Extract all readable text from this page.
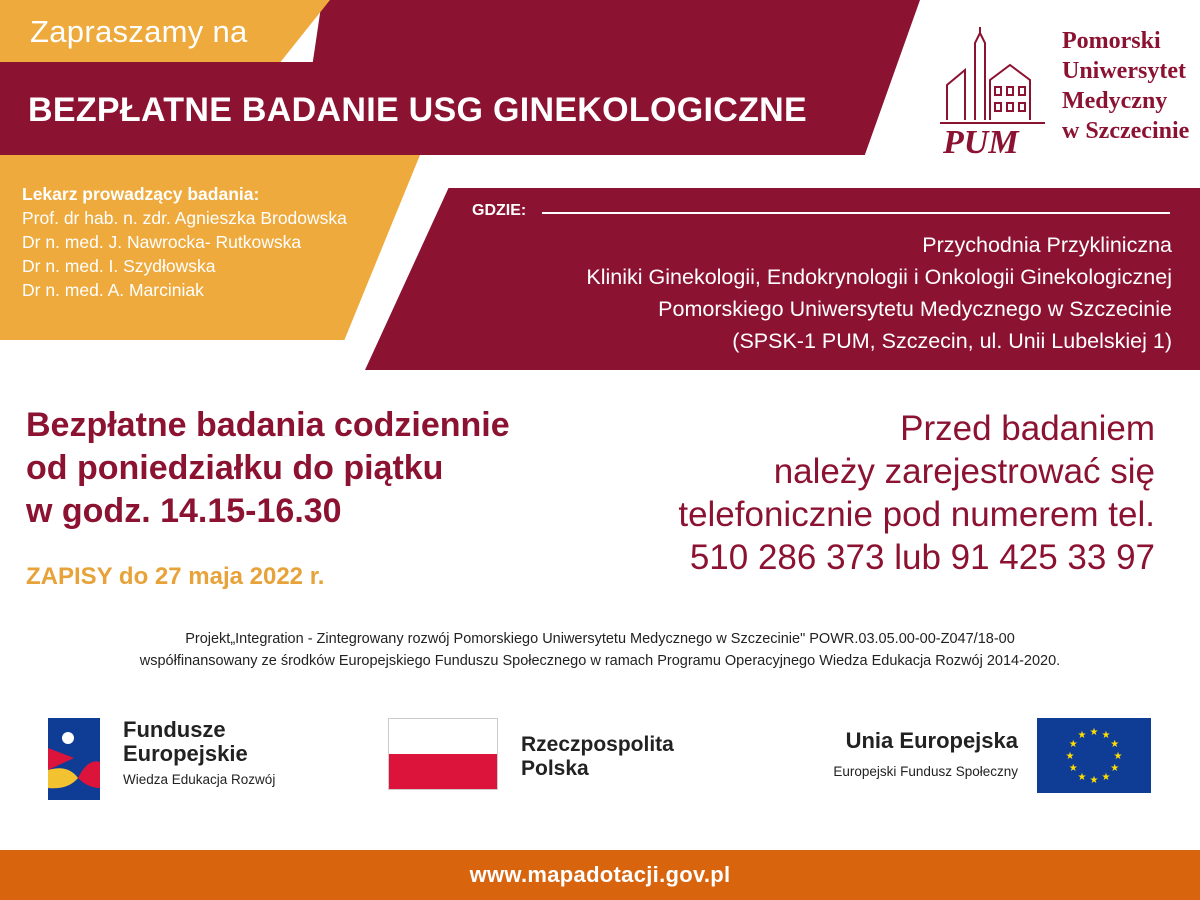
Zapraszamy na
BEZPŁATNE BADANIE USG GINEKOLOGICZNE
PUM
Pomorski
Uniwersytet
Medyczny
w Szczecinie
Lekarz prowadzący badania:
Prof. dr hab. n. zdr. Agnieszka Brodowska
Dr n. med. J. Nawrocka- Rutkowska
Dr n. med. I. Szydłowska
Dr n. med. A. Marciniak
GDZIE:
Przychodnia Przykliniczna
Kliniki Ginekologii, Endokrynologii i Onkologii Ginekologicznej
Pomorskiego Uniwersytetu Medycznego w Szczecinie
(SPSK-1 PUM, Szczecin, ul. Unii Lubelskiej 1)
Bezpłatne badania codziennie
od poniedziałku do piątku
w godz. 14.15-16.30
ZAPISY do 27 maja 2022 r.
Przed badaniem
należy zarejestrować się
telefonicznie pod numerem tel.
510 286 373 lub 91 425 33 97
Projekt„Integration - Zintegrowany rozwój Pomorskiego Uniwersytetu Medycznego w Szczecinie" POWR.03.05.00-00-Z047/18-00
współfinansowany ze środków Europejskiego Funduszu Społecznego w ramach Programu Operacyjnego Wiedza Edukacja Rozwój 2014-2020.
Fundusze
Europejskie
Wiedza Edukacja Rozwój
Rzeczpospolita
Polska
Unia Europejska
Europejski Fundusz Społeczny
★ ★
★
★
★
★
★
★
★
★
★
★
www.mapadotacji.gov.pl
